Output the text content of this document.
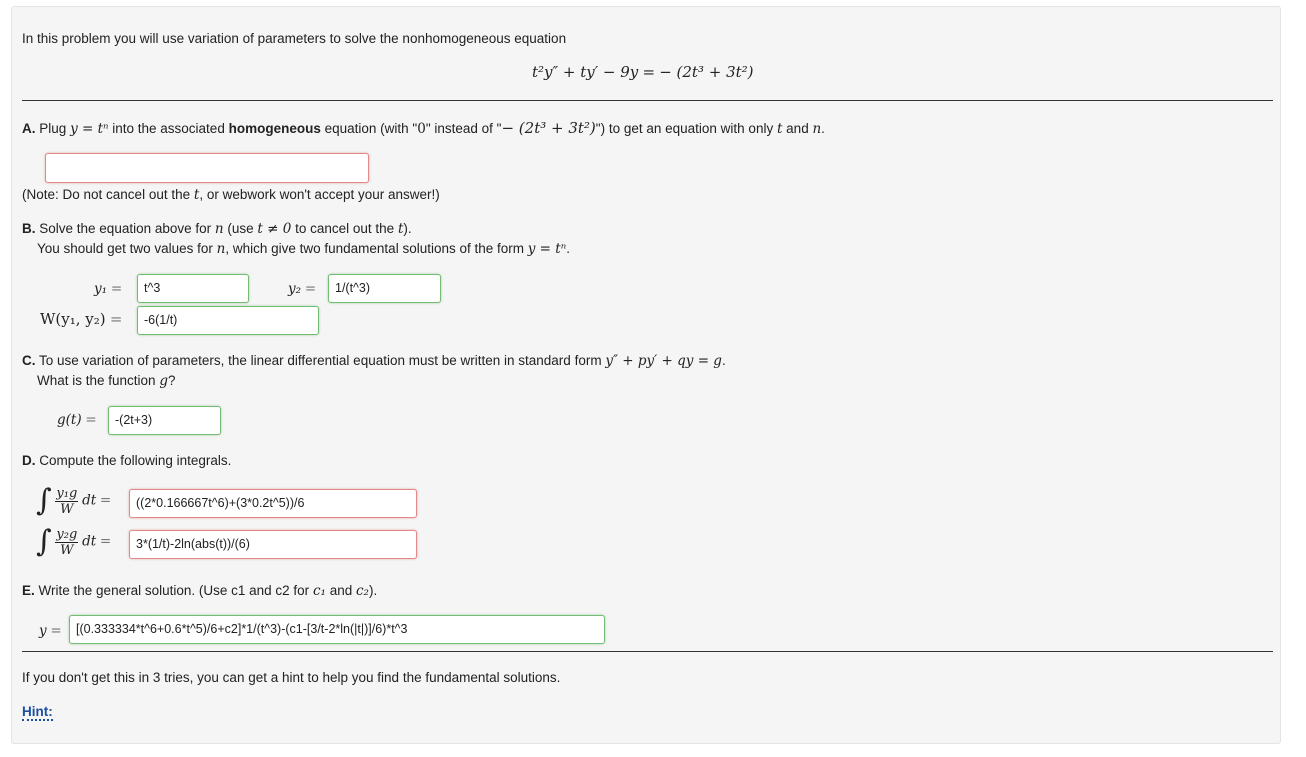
In this problem you will use variation of parameters to solve the nonhomogeneous equation
t²y″ + ty′ − 9y = − (2t³ + 3t²)
A. Plug y = tⁿ into the associated homogeneous equation (with "0" instead of "− (2t³ + 3t²)") to get an equation with only t and n.
(Note: Do not cancel out the t, or webwork won't accept your answer!)
B. Solve the equation above for n (use t ≠ 0 to cancel out the t).
You should get two values for n, which give two fundamental solutions of the form y = tⁿ.
y₁ =	t^3	y₂ =	1/(t^3)
W(y₁, y₂) =	-6(1/t)
C. To use variation of parameters, the linear differential equation must be written in standard form y″ + py′ + qy = g.
What is the function g?
g(t) =	-(2t+3)
D. Compute the following integrals.
∫ $\frac{\text{y₁g}}{W}$ dt =	((2*0.166667t^6)+(3*0.2t^5))/6
∫ $\frac{\text{y₂g}}{W}$ dt =	3*(1/t)-2ln(abs(t))/(6)
E. Write the general solution. (Use c1 and c2 for c₁ and c₂).
y =	[(0.333334*t^6+0.6*t^5)/6+c2]*1/(t^3)-(c1-[3/t-2*ln(|t|)]/6)*t^3
If you don't get this in 3 tries, you can get a hint to help you find the fundamental solutions.
Hint:
